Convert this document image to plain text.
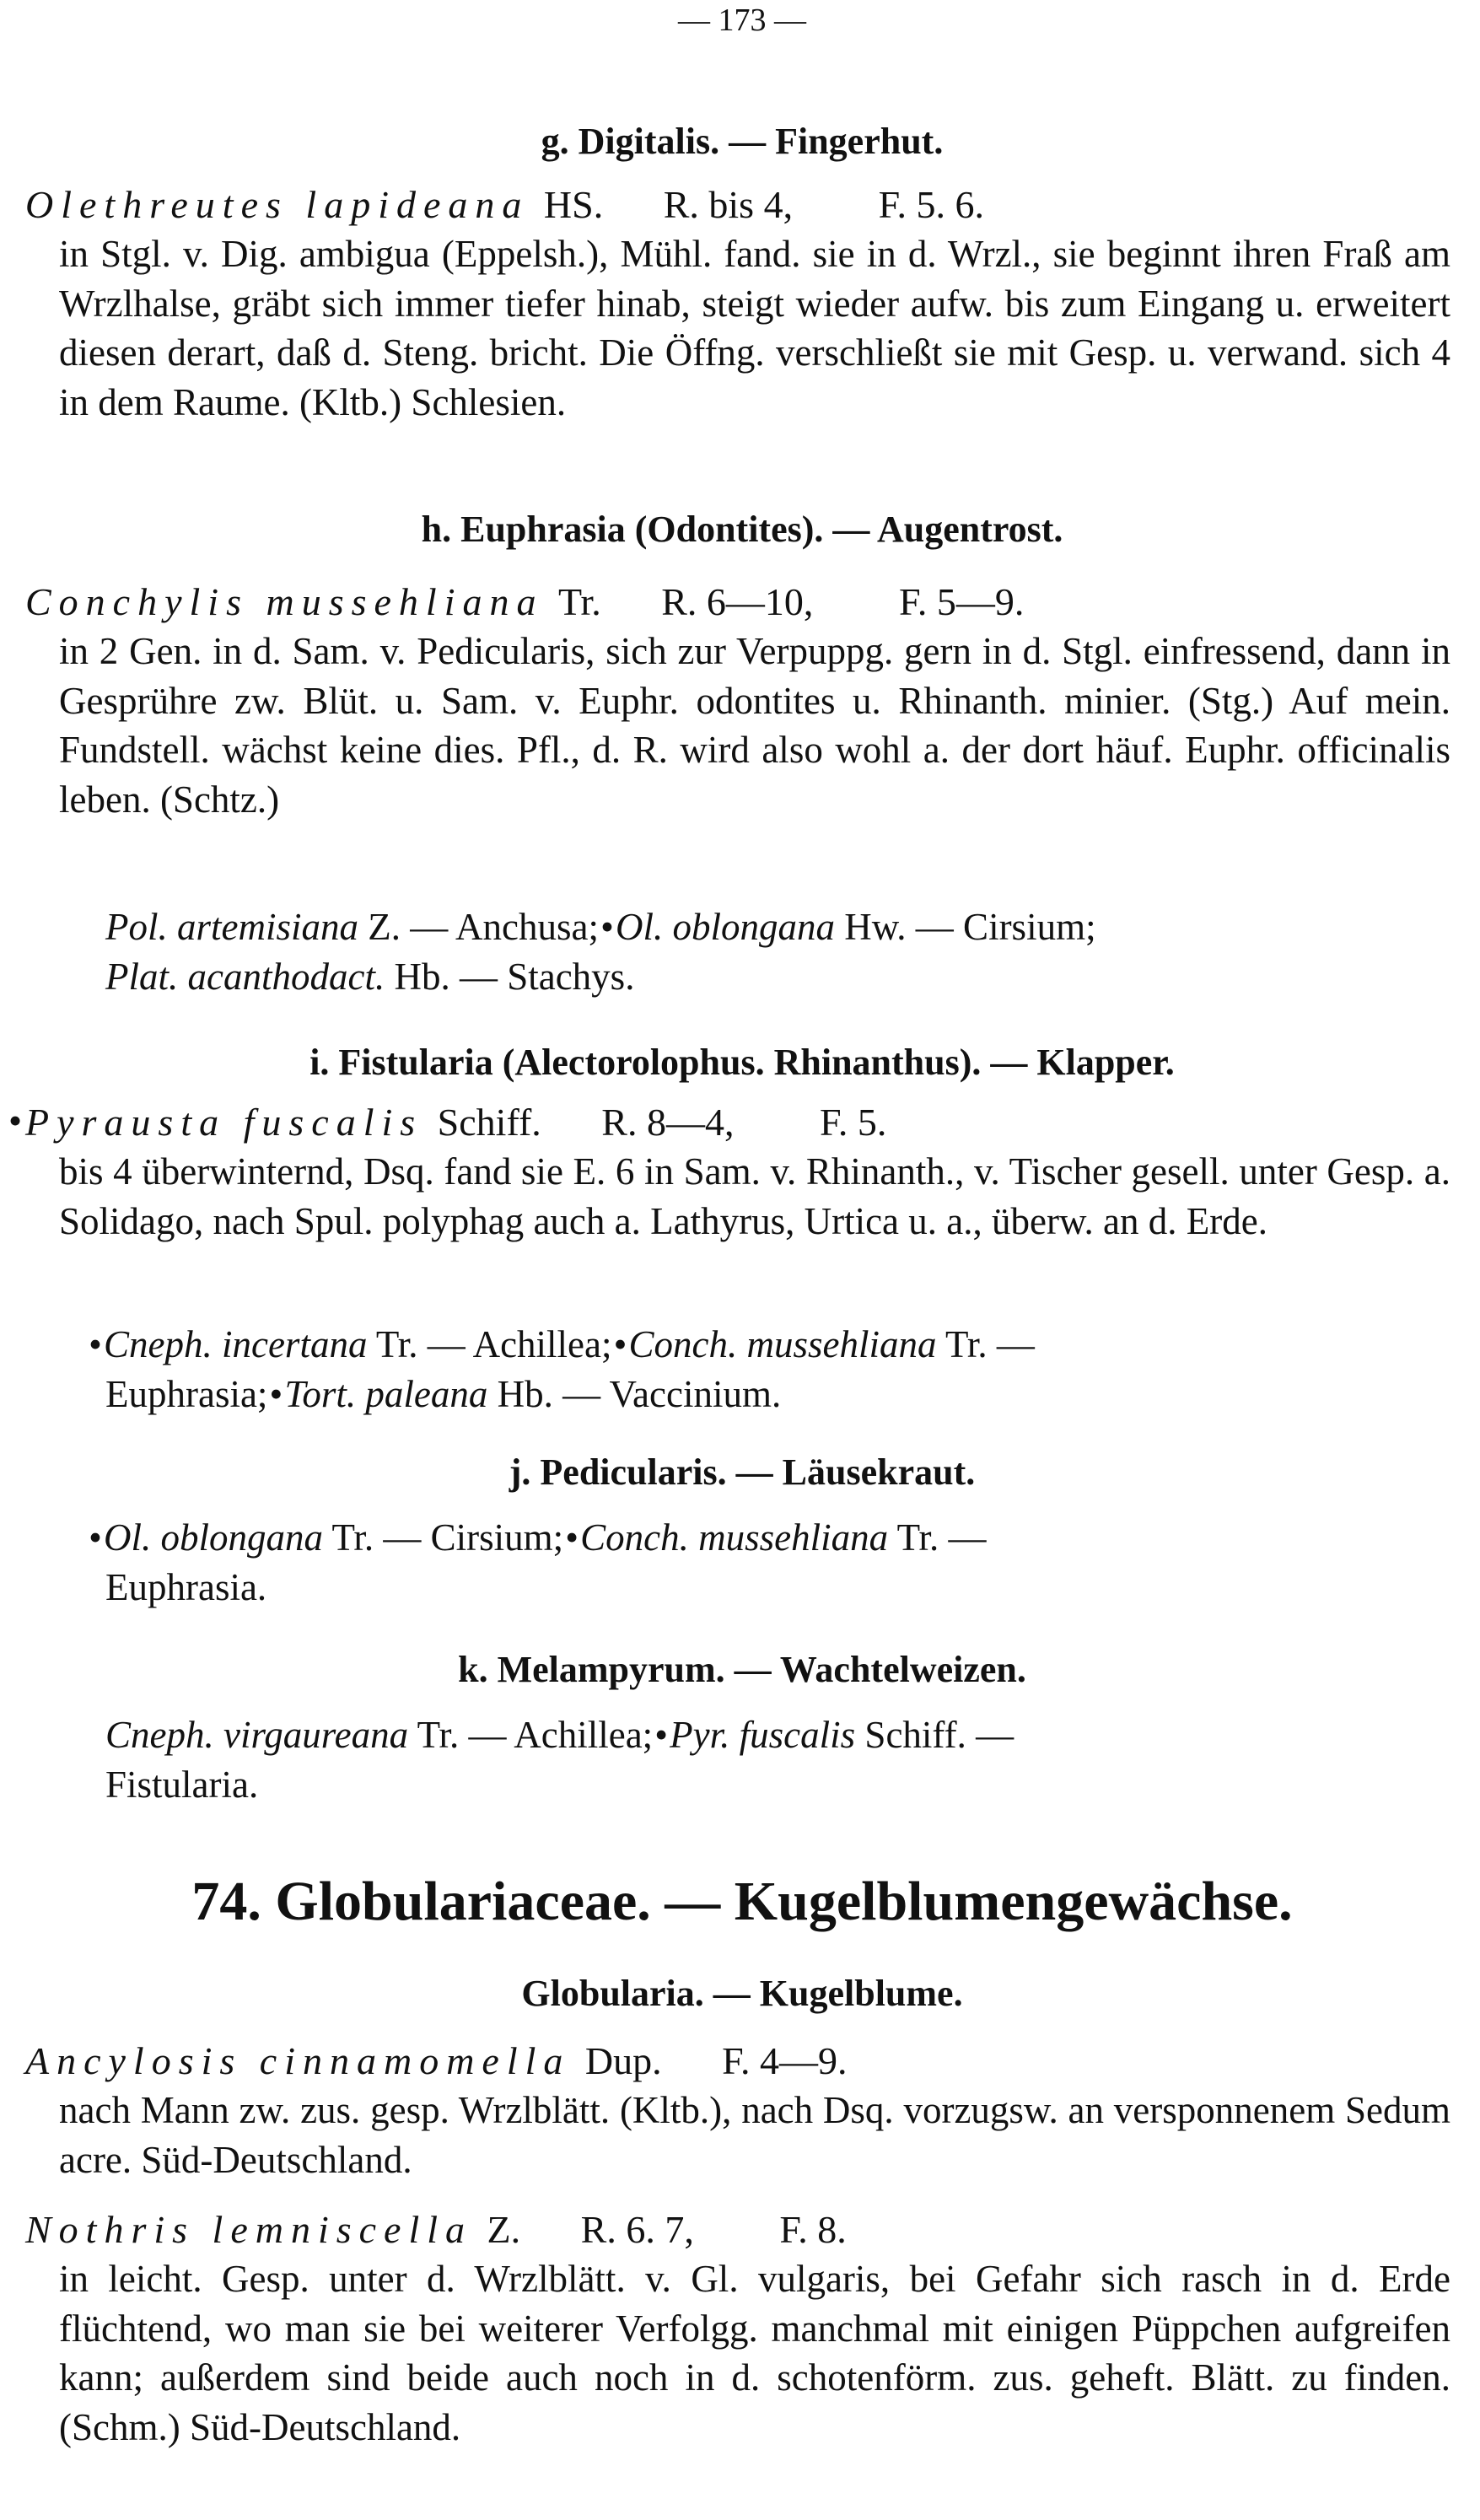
— 173 —
g. Digitalis. — Fingerhut.
Olethreutes lapideana HS. R. bis 4, F. 5. 6.
in Stgl. v. Dig. ambigua (Eppelsh.), Mühl. fand. sie in d. Wrzl., sie beginnt ihren Fraß am Wrzlhalse, gräbt sich immer tiefer hinab, steigt wieder aufw. bis zum Eingang u. erweitert diesen derart, daß d. Steng. bricht. Die Öffng. verschließt sie mit Gesp. u. verwand. sich 4 in dem Raume. (Kltb.) Schlesien.
h. Euphrasia (Odontites). — Augentrost.
Conchylis mussehliana Tr. R. 6—10, F. 5—9.
in 2 Gen. in d. Sam. v. Pedicularis, sich zur Verpuppg. gern in d. Stgl. einfressend, dann in Gesprühre zw. Blüt. u. Sam. v. Euphr. odontites u. Rhinanth. minier. (Stg.) Auf mein. Fundstell. wächst keine dies. Pfl., d. R. wird also wohl a. der dort häuf. Euphr. officinalis leben. (Schtz.)
Pol. artemisiana Z. — Anchusa;•Ol. oblongana Hw. — Cirsium;
Plat. acanthodact. Hb. — Stachys.
i. Fistularia (Alectorolophus. Rhinanthus). — Klapper.
• Pyrausta fuscalis Schiff. R. 8—4, F. 5.
bis 4 überwinternd, Dsq. fand sie E. 6 in Sam. v. Rhinanth., v. Tischer gesell. unter Gesp. a. Solidago, nach Spul. polyphag auch a. Lathyrus, Urtica u. a., überw. an d. Erde.
•Cneph. incertana Tr. — Achillea;•Conch. mussehliana Tr. —
Euphrasia;•Tort. paleana Hb. — Vaccinium.
j. Pedicularis. — Läusekraut.
•Ol. oblongana Tr. — Cirsium;•Conch. mussehliana Tr. —
Euphrasia.
k. Melampyrum. — Wachtelweizen.
Cneph. virgaureana Tr. — Achillea;•Pyr. fuscalis Schiff. —
Fistularia.
74. Globulariaceae. — Kugelblumengewächse.
Globularia. — Kugelblume.
Ancylosis cinnamomella Dup. F. 4—9.
nach Mann zw. zus. gesp. Wrzlblätt. (Kltb.), nach Dsq. vorzugsw. an versponnenem Sedum acre. Süd-Deutschland.
Nothris lemniscella Z. R. 6. 7, F. 8.
in leicht. Gesp. unter d. Wrzlblätt. v. Gl. vulgaris, bei Gefahr sich rasch in d. Erde flüchtend, wo man sie bei weiterer Verfolgg. manchmal mit einigen Püppchen aufgreifen kann; außerdem sind beide auch noch in d. schotenförm. zus. geheft. Blätt. zu finden. (Schm.) Süd-Deutschland.
